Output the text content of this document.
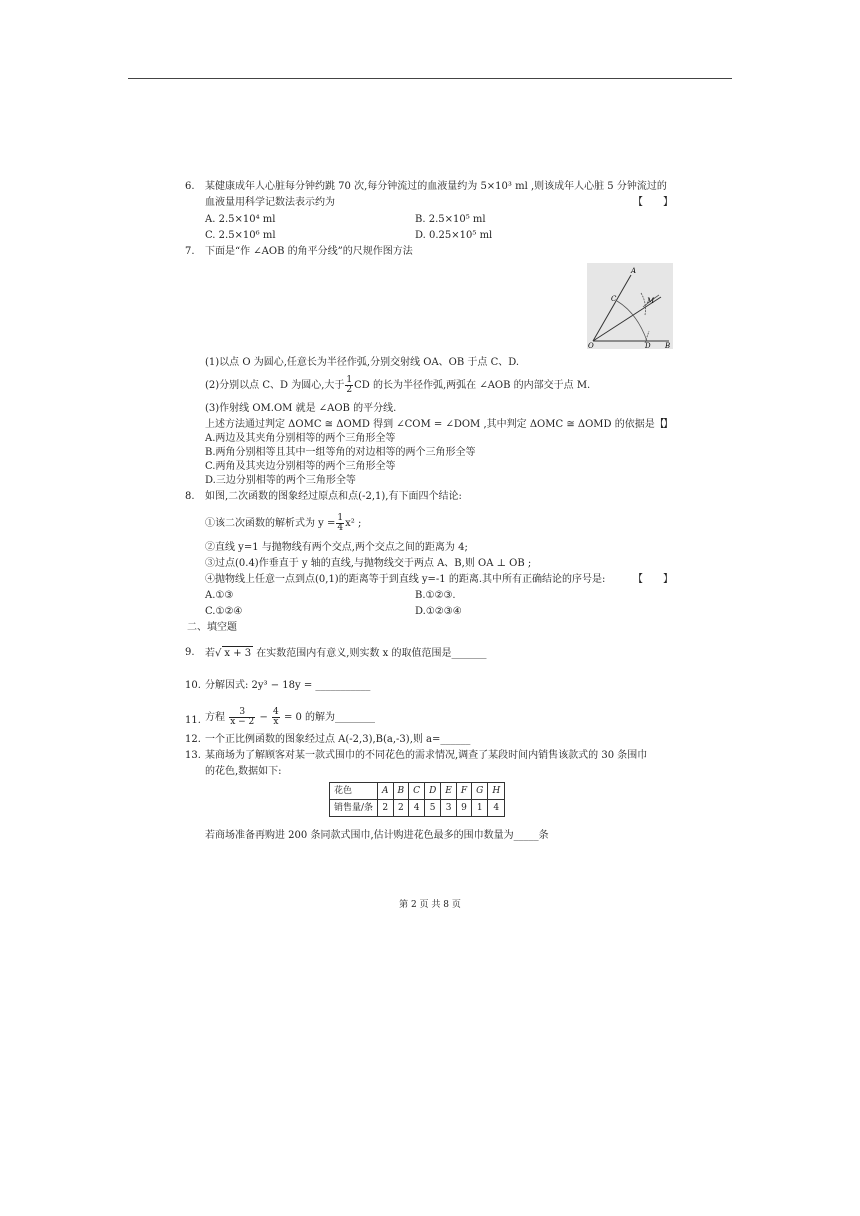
6. 某健康成年人心脏每分钟约跳 70 次,每分钟流过的血液量约为 5×10³ ml ,则该成年人心脏 5 分钟流过的
血液量用科学记数法表示约为	【　　】
A. 2.5×10⁴ ml	B. 2.5×10⁵ ml
C. 2.5×10⁶ ml	D. 0.25×10⁵ ml
7. 下面是“作 ∠AOB 的角平分线”的尺规作图方法
A
C	M
O	D B
(1)以点 O 为圆心,任意长为半径作弧,分别交射线 OA、OB 于点 C、D.
(2)分别以点 C、D 为圆心,大于 $\frac{1}{2}$ CD 的长为半径作弧,两弧在 ∠AOB 的内部交于点 M.
(3)作射线 OM.OM 就是 ∠AOB 的平分线.
上述方法通过判定 ΔOMC ≅ ΔOMD 得到 ∠COM = ∠DOM ,其中判定 ΔOMC ≅ ΔOMD 的依据是【
】
A.两边及其夹角分别相等的两个三角形全等
B.两角分别相等且其中一组等角的对边相等的两个三角形全等
C.两角及其夹边分别相等的两个三角形全等
D.三边分别相等的两个三角形全等
8. 如图,二次函数的图象经过原点和点(-2,1),有下面四个结论:
①该二次函数的解析式为 $y = \frac{1}{4} x^2$ ;
②直线 y=1 与抛物线有两个交点,两个交点之间的距离为 4;
③过点(0.4)作垂直于 y 轴的直线,与抛物线交于两点 A、B,则 OA ⊥ OB ;
④抛物线上任意一点到点(0,1)的距离等于到直线 y=-1 的距离.其中所有正确结论的序号是:	【　　】
A.①③	B.①②③.
C.①②④	D.①②③④
二、填空题
9. 若√ x + 3 在实数范围内有意义,则实数 x 的取值范围是_______
10. 分解因式: 2y³ − 18y = ___________
11. 方程 $\frac{3}{x - 2} - \frac{4}{x} = 0$ 的解为________
12. 一个正比例函数的图象经过点 A(-2,3),B(a,-3),则 a=______
13. 某商场为了解顾客对某一款式围巾的不同花色的需求情况,调查了某段时间内销售该款式的 30 条围巾
的花色,数据如下:
花色	A	B	C	D	E	F	G	H
销售量/条	2	2	4	5	3	9	1	4
若商场准备再购进 200 条同款式围巾,估计购进花色最多的围巾数量为_____条
第 2 页 共 8 页
